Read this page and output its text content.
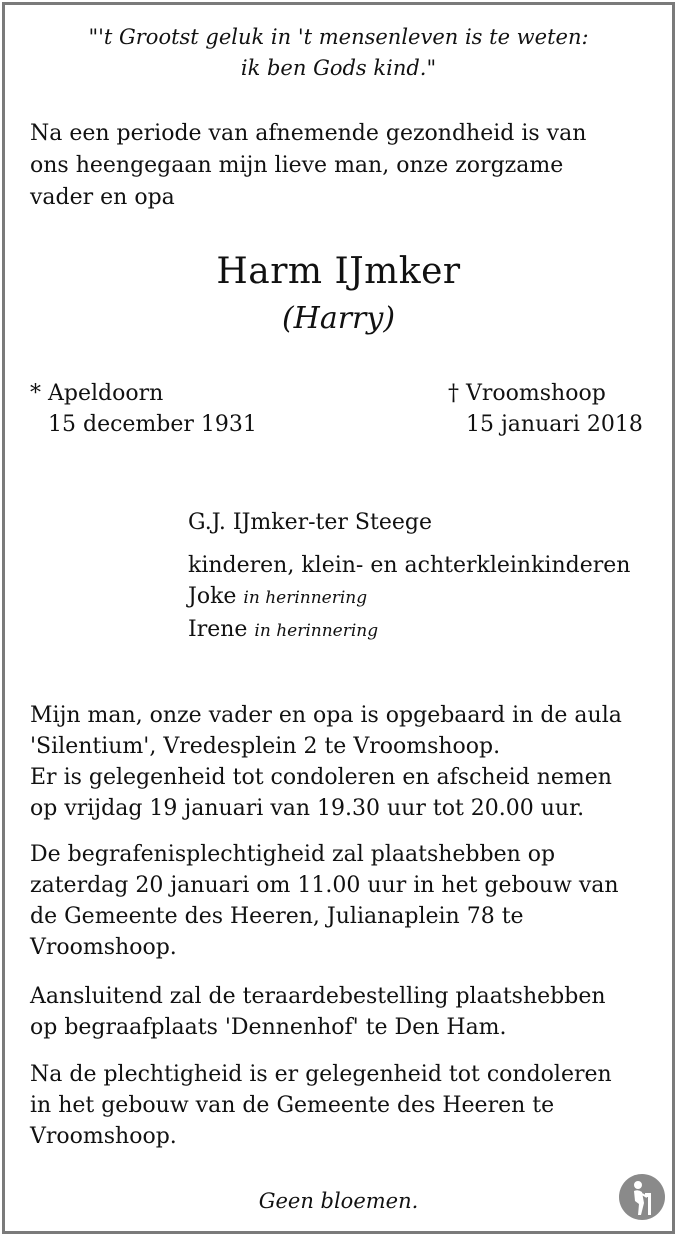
"'t Grootst geluk in 't mensenleven is te weten:
ik ben Gods kind."
Na een periode van afnemende gezondheid is van
ons heengegaan mijn lieve man, onze zorgzame
vader en opa
Harm IJmker
(Harry)
* Apeldoorn
15 december 1931
† Vroomshoop
15 januari 2018
G.J. IJmker-ter Steege
kinderen, klein- en achterkleinkinderen
Joke in herinnering
Irene in herinnering
Mijn man, onze vader en opa is opgebaard in de aula
'Silentium', Vredesplein 2 te Vroomshoop.
Er is gelegenheid tot condoleren en afscheid nemen
op vrijdag 19 januari van 19.30 uur tot 20.00 uur.
De begrafenisplechtigheid zal plaatshebben op
zaterdag 20 januari om 11.00 uur in het gebouw van
de Gemeente des Heeren, Julianaplein 78 te
Vroomshoop.
Aansluitend zal de teraardebestelling plaatshebben
op begraafplaats 'Dennenhof' te Den Ham.
Na de plechtigheid is er gelegenheid tot condoleren
in het gebouw van de Gemeente des Heeren te
Vroomshoop.
Geen bloemen.
